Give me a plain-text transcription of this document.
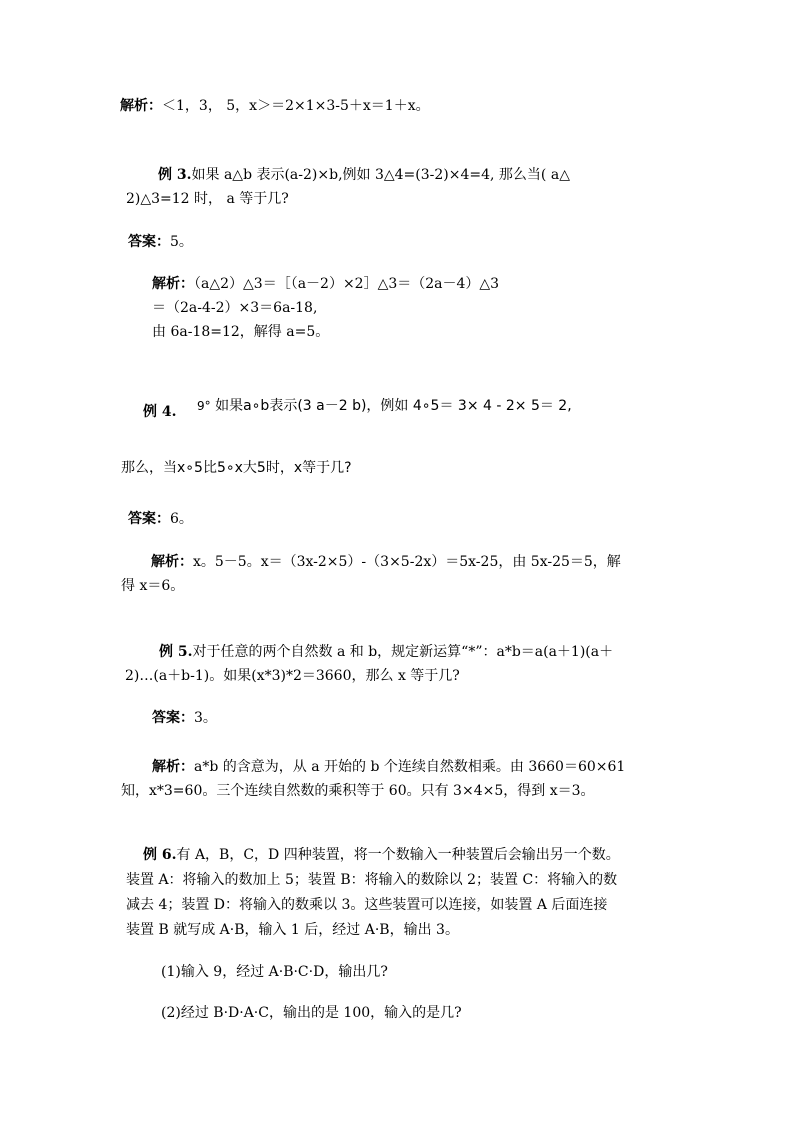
解析：＜1，3， 5，x＞＝2×1×3-5＋x＝1＋x。
例 3.如果 a△b 表示(a-2)×b,例如 3△4=(3-2)×4=4, 那么当( a△
2)△3=12 时， a 等于几?
答案：5。
解析：（a△2）△3＝［（a－2）×2］△3＝（2a－4）△3
＝（2a-4-2）×3＝6a-18,
由 6a-18=12，解得 a=5。
例 4. 9° 如果a∘b表示(3 a－2 b)，例如 4∘5＝ 3× 4 - 2× 5＝ 2,
那么，当x∘5比5∘x大5时，x等于几?
答案：6。
解析：x。5－5。x＝（3x-2×5）-（3×5-2x）＝5x-25，由 5x-25＝5，解
得 x＝6。
例 5.对于任意的两个自然数 a 和 b，规定新运算“*”：a*b＝a(a＋1)(a＋
2)…(a＋b-1)。如果(x*3)*2＝3660，那么 x 等于几?
答案：3。
解析：a*b 的含意为，从 a 开始的 b 个连续自然数相乘。由 3660＝60×61
知，x*3=60。三个连续自然数的乘积等于 60。只有 3×4×5，得到 x＝3。
例 6.有 A，B，C，D 四种装置，将一个数输入一种装置后会输出另一个数。
装置 A：将输入的数加上 5；装置 B：将输入的数除以 2；装置 C：将输入的数
减去 4；装置 D：将输入的数乘以 3。这些装置可以连接，如装置 A 后面连接
装置 B 就写成 A·B，输入 1 后，经过 A·B，输出 3。
(1)输入 9，经过 A·B·C·D，输出几?
(2)经过 B·D·A·C，输出的是 100，输入的是几?
